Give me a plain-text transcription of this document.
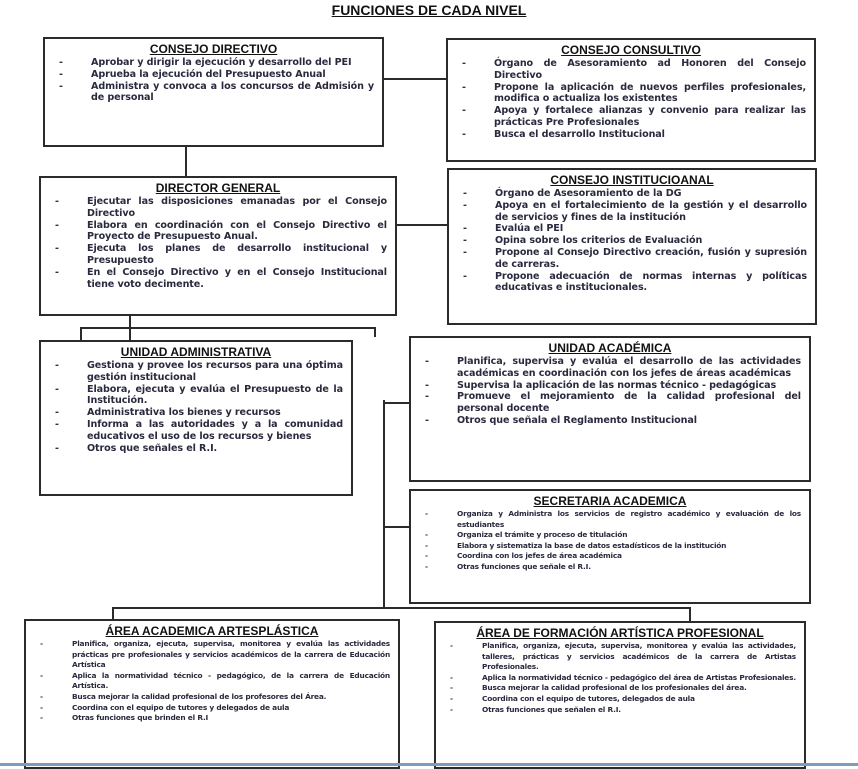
FUNCIONES DE CADA NIVEL
CONSEJO DIRECTIVO
- Aprobar y dirigir la ejecución y desarrollo del PEI
- Aprueba la ejecución del Presupuesto Anual
- Administra y convoca a los concursos de Admisión y de personal
CONSEJO CONSULTIVO
- Órgano de Asesoramiento ad Honoren del Consejo Directivo
- Propone la aplicación de nuevos perfiles profesionales, modifica o actualiza los existentes
- Apoya y fortalece alianzas y convenio para realizar las prácticas Pre Profesionales
- Busca el desarrollo Institucional
DIRECTOR GENERAL
- Ejecutar las disposiciones emanadas por el Consejo Directivo
- Elabora en coordinación con el Consejo Directivo el Proyecto de Presupuesto Anual.
- Ejecuta los planes de desarrollo institucional y Presupuesto
- En el Consejo Directivo y en el Consejo Institucional tiene voto decimente.
CONSEJO INSTITUCIOANAL
- Órgano de Asesoramiento de la DG
- Apoya en el fortalecimiento de la gestión y el desarrollo de servicios y fines de la institución
- Evalúa el PEI
- Opina sobre los criterios de Evaluación
- Propone al Consejo Directivo creación, fusión y supresión de carreras.
- Propone adecuación de normas internas y políticas educativas e institucionales.
UNIDAD ADMINISTRATIVA
- Gestiona y provee los recursos para una óptima gestión institucional
- Elabora, ejecuta y evalúa el Presupuesto de la Institución.
- Administrativa los bienes y recursos
- Informa a las autoridades y a la comunidad educativos el uso de los recursos y bienes
- Otros que señales el R.I.
UNIDAD ACADÉMICA
- Planifica, supervisa y evalúa el desarrollo de las actividades académicas en coordinación con los jefes de áreas académicas
- Supervisa la aplicación de las normas técnico - pedagógicas
- Promueve el mejoramiento de la calidad profesional del personal docente
- Otros que señala el Reglamento Institucional
SECRETARIA ACADEMICA
- Organiza y Administra los servicios de registro académico y evaluación de los estudiantes
- Organiza el trámite y proceso de titulación
- Elabora y sistematiza la base de datos estadísticos de la institución
- Coordina con los jefes de área académica
- Otras funciones que señale el R.I.
ÁREA ACADEMICA ARTESPLÁSTICA
- Planifica, organiza, ejecuta, supervisa, monitorea y evalúa las actividades prácticas pre profesionales y servicios académicos de la carrera de Educación Artística
- Aplica la normatividad técnico - pedagógico, de la carrera de Educación Artística.
- Busca mejorar la calidad profesional de los profesores del Área.
- Coordina con el equipo de tutores y delegados de aula
- Otras funciones que brinden el R.I
ÁREA DE FORMACIÓN ARTÍSTICA PROFESIONAL
- Planifica, organiza, ejecuta, supervisa, monitorea y evalúa las actividades, talleres, prácticas y servicios académicos de la carrera de Artistas Profesionales.
- Aplica la normatividad técnico - pedagógico del área de Artistas Profesionales.
- Busca mejorar la calidad profesional de los profesionales del área.
- Coordina con el equipo de tutores, delegados de aula
- Otras funciones que señalen el R.I.
